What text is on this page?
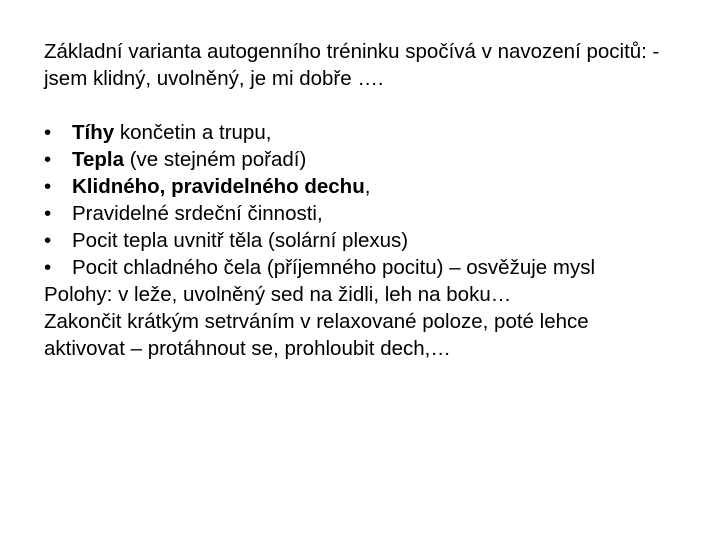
Základní varianta autogenního tréninku spočívá v navození pocitů: - jsem klidný, uvolněný, je mi dobře ….

•	Tíhy končetin a trupu,
•	Tepla (ve stejném pořadí)
•	Klidného, pravidelného dechu,
•	Pravidelné srdeční činnosti,
•	Pocit tepla uvnitř těla (solární plexus)
•	Pocit chladného čela (příjemného pocitu) – osvěžuje mysl

Polohy: v leže, uvolněný sed na židli, leh na boku…

Zakončit krátkým setrváním v relaxované poloze, poté lehce aktivovat – protáhnout se, prohloubit dech,…
